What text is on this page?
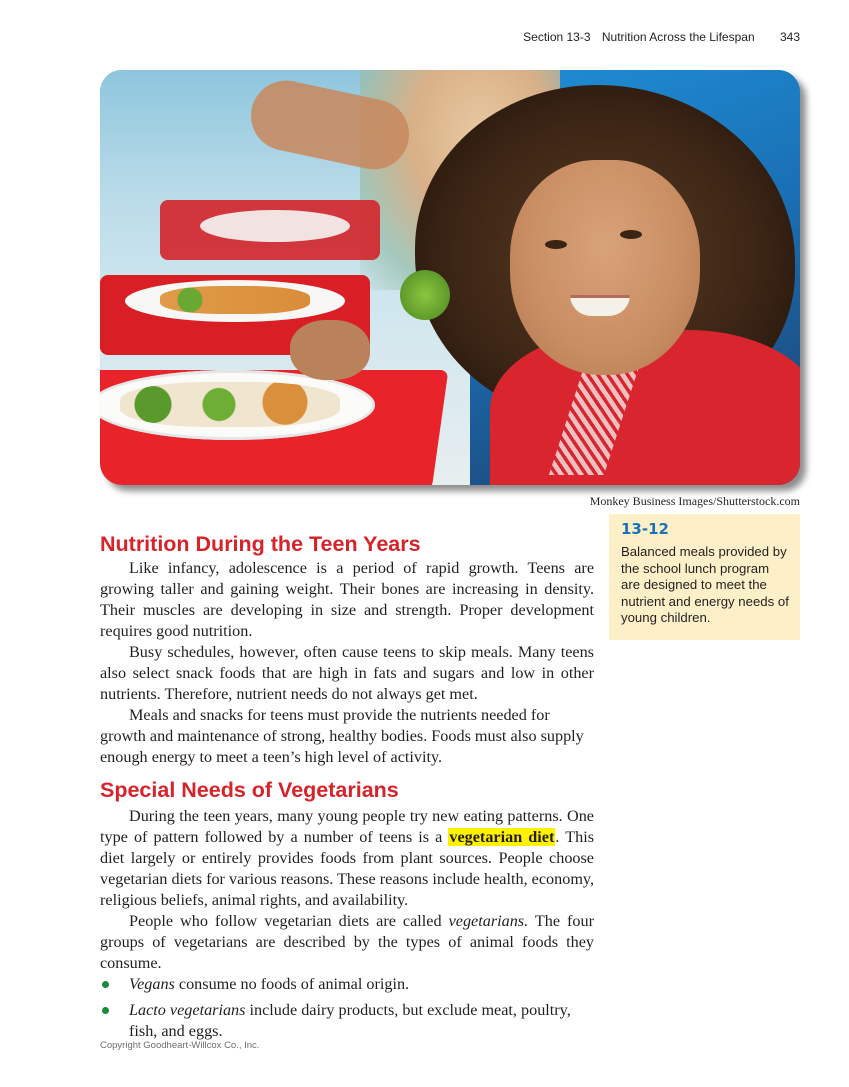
Section 13-3 Nutrition Across the Lifespan 343
Monkey Business Images/Shutterstock.com
13-12
Balanced meals provided by the school lunch program are designed to meet the nutrient and energy needs of young children.
Nutrition During the Teen Years

Like infancy, adolescence is a period of rapid growth. Teens are growing taller and gaining weight. Their bones are increasing in density. Their muscles are developing in size and strength. Proper development requires good nutrition.

Busy schedules, however, often cause teens to skip meals. Many teens also select snack foods that are high in fats and sugars and low in other nutrients. Therefore, nutrient needs do not always get met.

Meals and snacks for teens must provide the nutrients needed for growth and maintenance of strong, healthy bodies. Foods must also supply enough energy to meet a teen’s high level of activity.

Special Needs of Vegetarians

During the teen years, many young people try new eating patterns. One type of pattern followed by a number of teens is a vegetarian diet. This diet largely or entirely provides foods from plant sources. People choose vegetarian diets for various reasons. These reasons include health, economy, religious beliefs, animal rights, and availability.

People who follow vegetarian diets are called vegetarians. The four groups of vegetarians are described by the types of animal foods they consume.

Vegans consume no foods of animal origin.
Lacto vegetarians include dairy products, but exclude meat, poultry, fish, and eggs.
Copyright Goodheart-Willcox Co., Inc.
